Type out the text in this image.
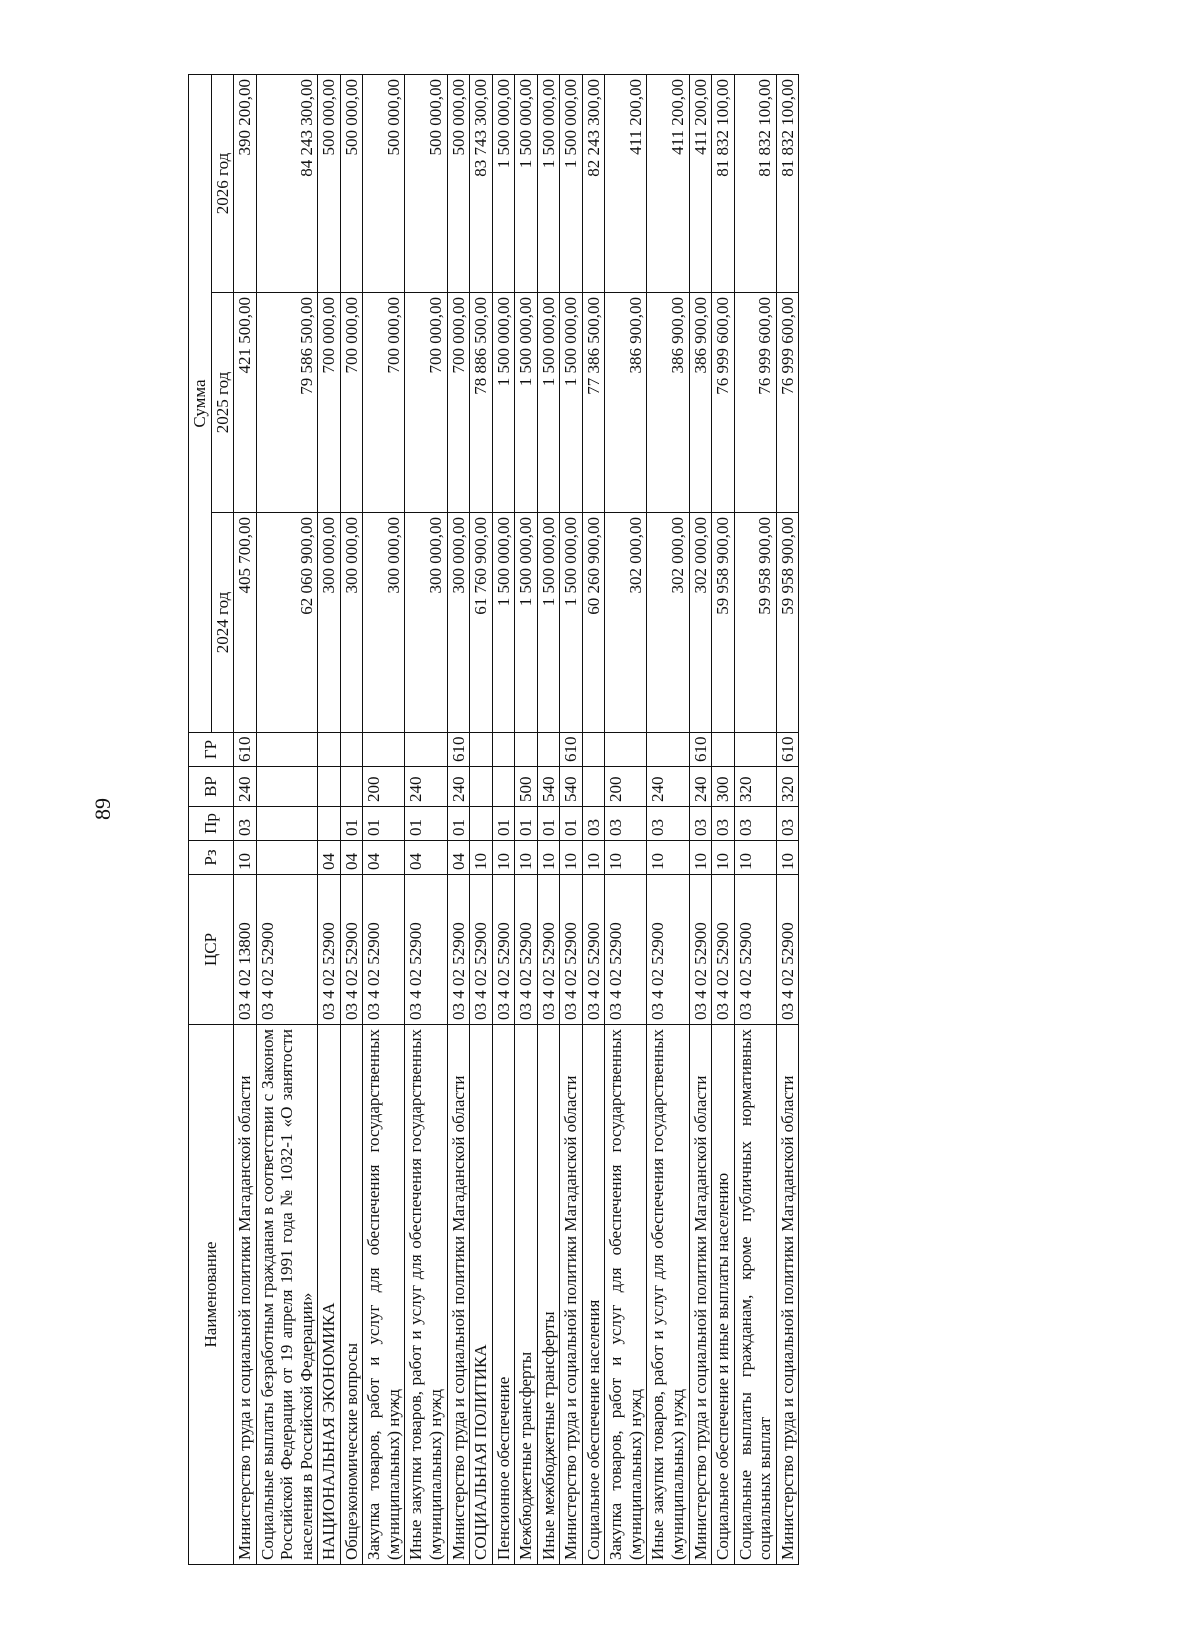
89
Наименование	ЦСР	Рз	Пр	ВР	ГР	Сумма		
						2024 год	2025 год	2026 год
Министерство труда и социальной политики Магаданской области	03 4 02 13800	10	03	240	610	405 700,00	421 500,00	390 200,00
Социальные выплаты безработным гражданам в соответствии с Законом Российской Федерации от 19 апреля 1991 года № 1032-1 «О занятости населения в Российской Федерации»	03 4 02 52900					62 060 900,00	79 586 500,00	84 243 300,00
НАЦИОНАЛЬНАЯ ЭКОНОМИКА	03 4 02 52900	04				300 000,00	700 000,00	500 000,00
Общеэкономические вопросы	03 4 02 52900	04	01			300 000,00	700 000,00	500 000,00
Закупка товаров, работ и услуг для обеспечения государственных (муниципальных) нужд	03 4 02 52900	04	01	200		300 000,00	700 000,00	500 000,00
Иные закупки товаров, работ и услуг для обеспечения государственных (муниципальных) нужд	03 4 02 52900	04	01	240		300 000,00	700 000,00	500 000,00
Министерство труда и социальной политики Магаданской области	03 4 02 52900	04	01	240	610	300 000,00	700 000,00	500 000,00
СОЦИАЛЬНАЯ ПОЛИТИКА	03 4 02 52900	10				61 760 900,00	78 886 500,00	83 743 300,00
Пенсионное обеспечение	03 4 02 52900	10	01			1 500 000,00	1 500 000,00	1 500 000,00
Межбюджетные трансферты	03 4 02 52900	10	01	500		1 500 000,00	1 500 000,00	1 500 000,00
Иные межбюджетные трансферты	03 4 02 52900	10	01	540		1 500 000,00	1 500 000,00	1 500 000,00
Министерство труда и социальной политики Магаданской области	03 4 02 52900	10	01	540	610	1 500 000,00	1 500 000,00	1 500 000,00
Социальное обеспечение населения	03 4 02 52900	10	03			60 260 900,00	77 386 500,00	82 243 300,00
Закупка товаров, работ и услуг для обеспечения государственных (муниципальных) нужд	03 4 02 52900	10	03	200		302 000,00	386 900,00	411 200,00
Иные закупки товаров, работ и услуг для обеспечения государственных (муниципальных) нужд	03 4 02 52900	10	03	240		302 000,00	386 900,00	411 200,00
Министерство труда и социальной политики Магаданской области	03 4 02 52900	10	03	240	610	302 000,00	386 900,00	411 200,00
Социальное обеспечение и иные выплаты населению	03 4 02 52900	10	03	300		59 958 900,00	76 999 600,00	81 832 100,00
Социальные выплаты гражданам, кроме публичных нормативных социальных выплат	03 4 02 52900	10	03	320		59 958 900,00	76 999 600,00	81 832 100,00
Министерство труда и социальной политики Магаданской области	03 4 02 52900	10	03	320	610	59 958 900,00	76 999 600,00	81 832 100,00
